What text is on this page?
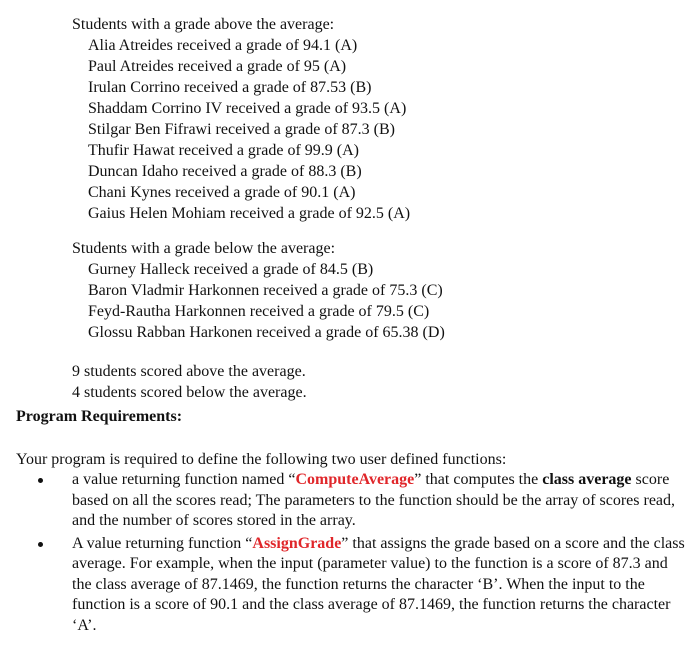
Students with a grade above the average:
Alia Atreides received a grade of 94.1 (A)
Paul Atreides received a grade of 95 (A)
Irulan Corrino received a grade of 87.53 (B)
Shaddam Corrino IV received a grade of 93.5 (A)
Stilgar Ben Fifrawi received a grade of 87.3 (B)
Thufir Hawat received a grade of 99.9 (A)
Duncan Idaho received a grade of 88.3 (B)
Chani Kynes received a grade of 90.1 (A)
Gaius Helen Mohiam received a grade of 92.5 (A)
Students with a grade below the average:
Gurney Halleck received a grade of 84.5 (B)
Baron Vladmir Harkonnen received a grade of 75.3 (C)
Feyd-Rautha Harkonnen received a grade of 79.5 (C)
Glossu Rabban Harkonen received a grade of 65.38 (D)
9 students scored above the average.
4 students scored below the average.

Program Requirements:

Your program is required to define the following two user defined functions:

a value returning function named “ComputeAverage” that computes the class average score based on all the scores read; The parameters to the function should be the array of scores read, and the number of scores stored in the array.
A value returning function “AssignGrade” that assigns the grade based on a score and the class average. For example, when the input (parameter value) to the function is a score of 87.3 and the class average of 87.1469, the function returns the character ‘B’. When the input to the function is a score of 90.1 and the class average of 87.1469, the function returns the character ‘A’.
